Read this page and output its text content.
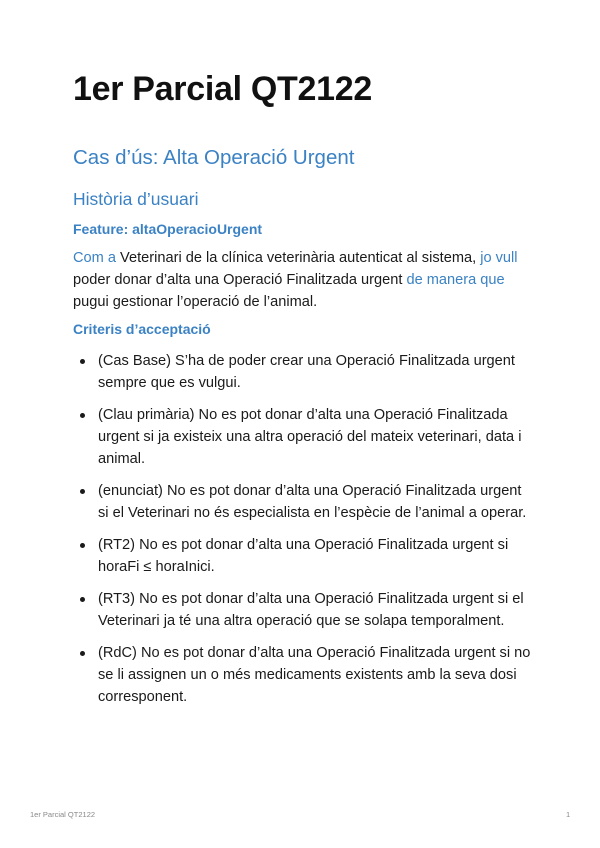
1er Parcial QT2122
Cas d’ús: Alta Operació Urgent
Història d’usuari
Feature: altaOperacioUrgent
Com a Veterinari de la clínica veterinària autenticat al sistema, jo vull poder donar d’alta una Operació Finalitzada urgent de manera que pugui gestionar l’operació de l’animal.
Criteris d’acceptació
(Cas Base) S’ha de poder crear una Operació Finalitzada urgent sempre que es vulgui.
(Clau primària) No es pot donar d’alta una Operació Finalitzada urgent si ja existeix una altra operació del mateix veterinari, data i animal.
(enunciat) No es pot donar d’alta una Operació Finalitzada urgent si el Veterinari no és especialista en l’espècie de l’animal a operar.
(RT2) No es pot donar d’alta una Operació Finalitzada urgent si horaFi ≤ horaInici.
(RT3) No es pot donar d’alta una Operació Finalitzada urgent si el Veterinari ja té una altra operació que se solapa temporalment.
(RdC) No es pot donar d’alta una Operació Finalitzada urgent si no se li assignen un o més medicaments existents amb la seva dosi corresponent.
1er Parcial QT2122	1
